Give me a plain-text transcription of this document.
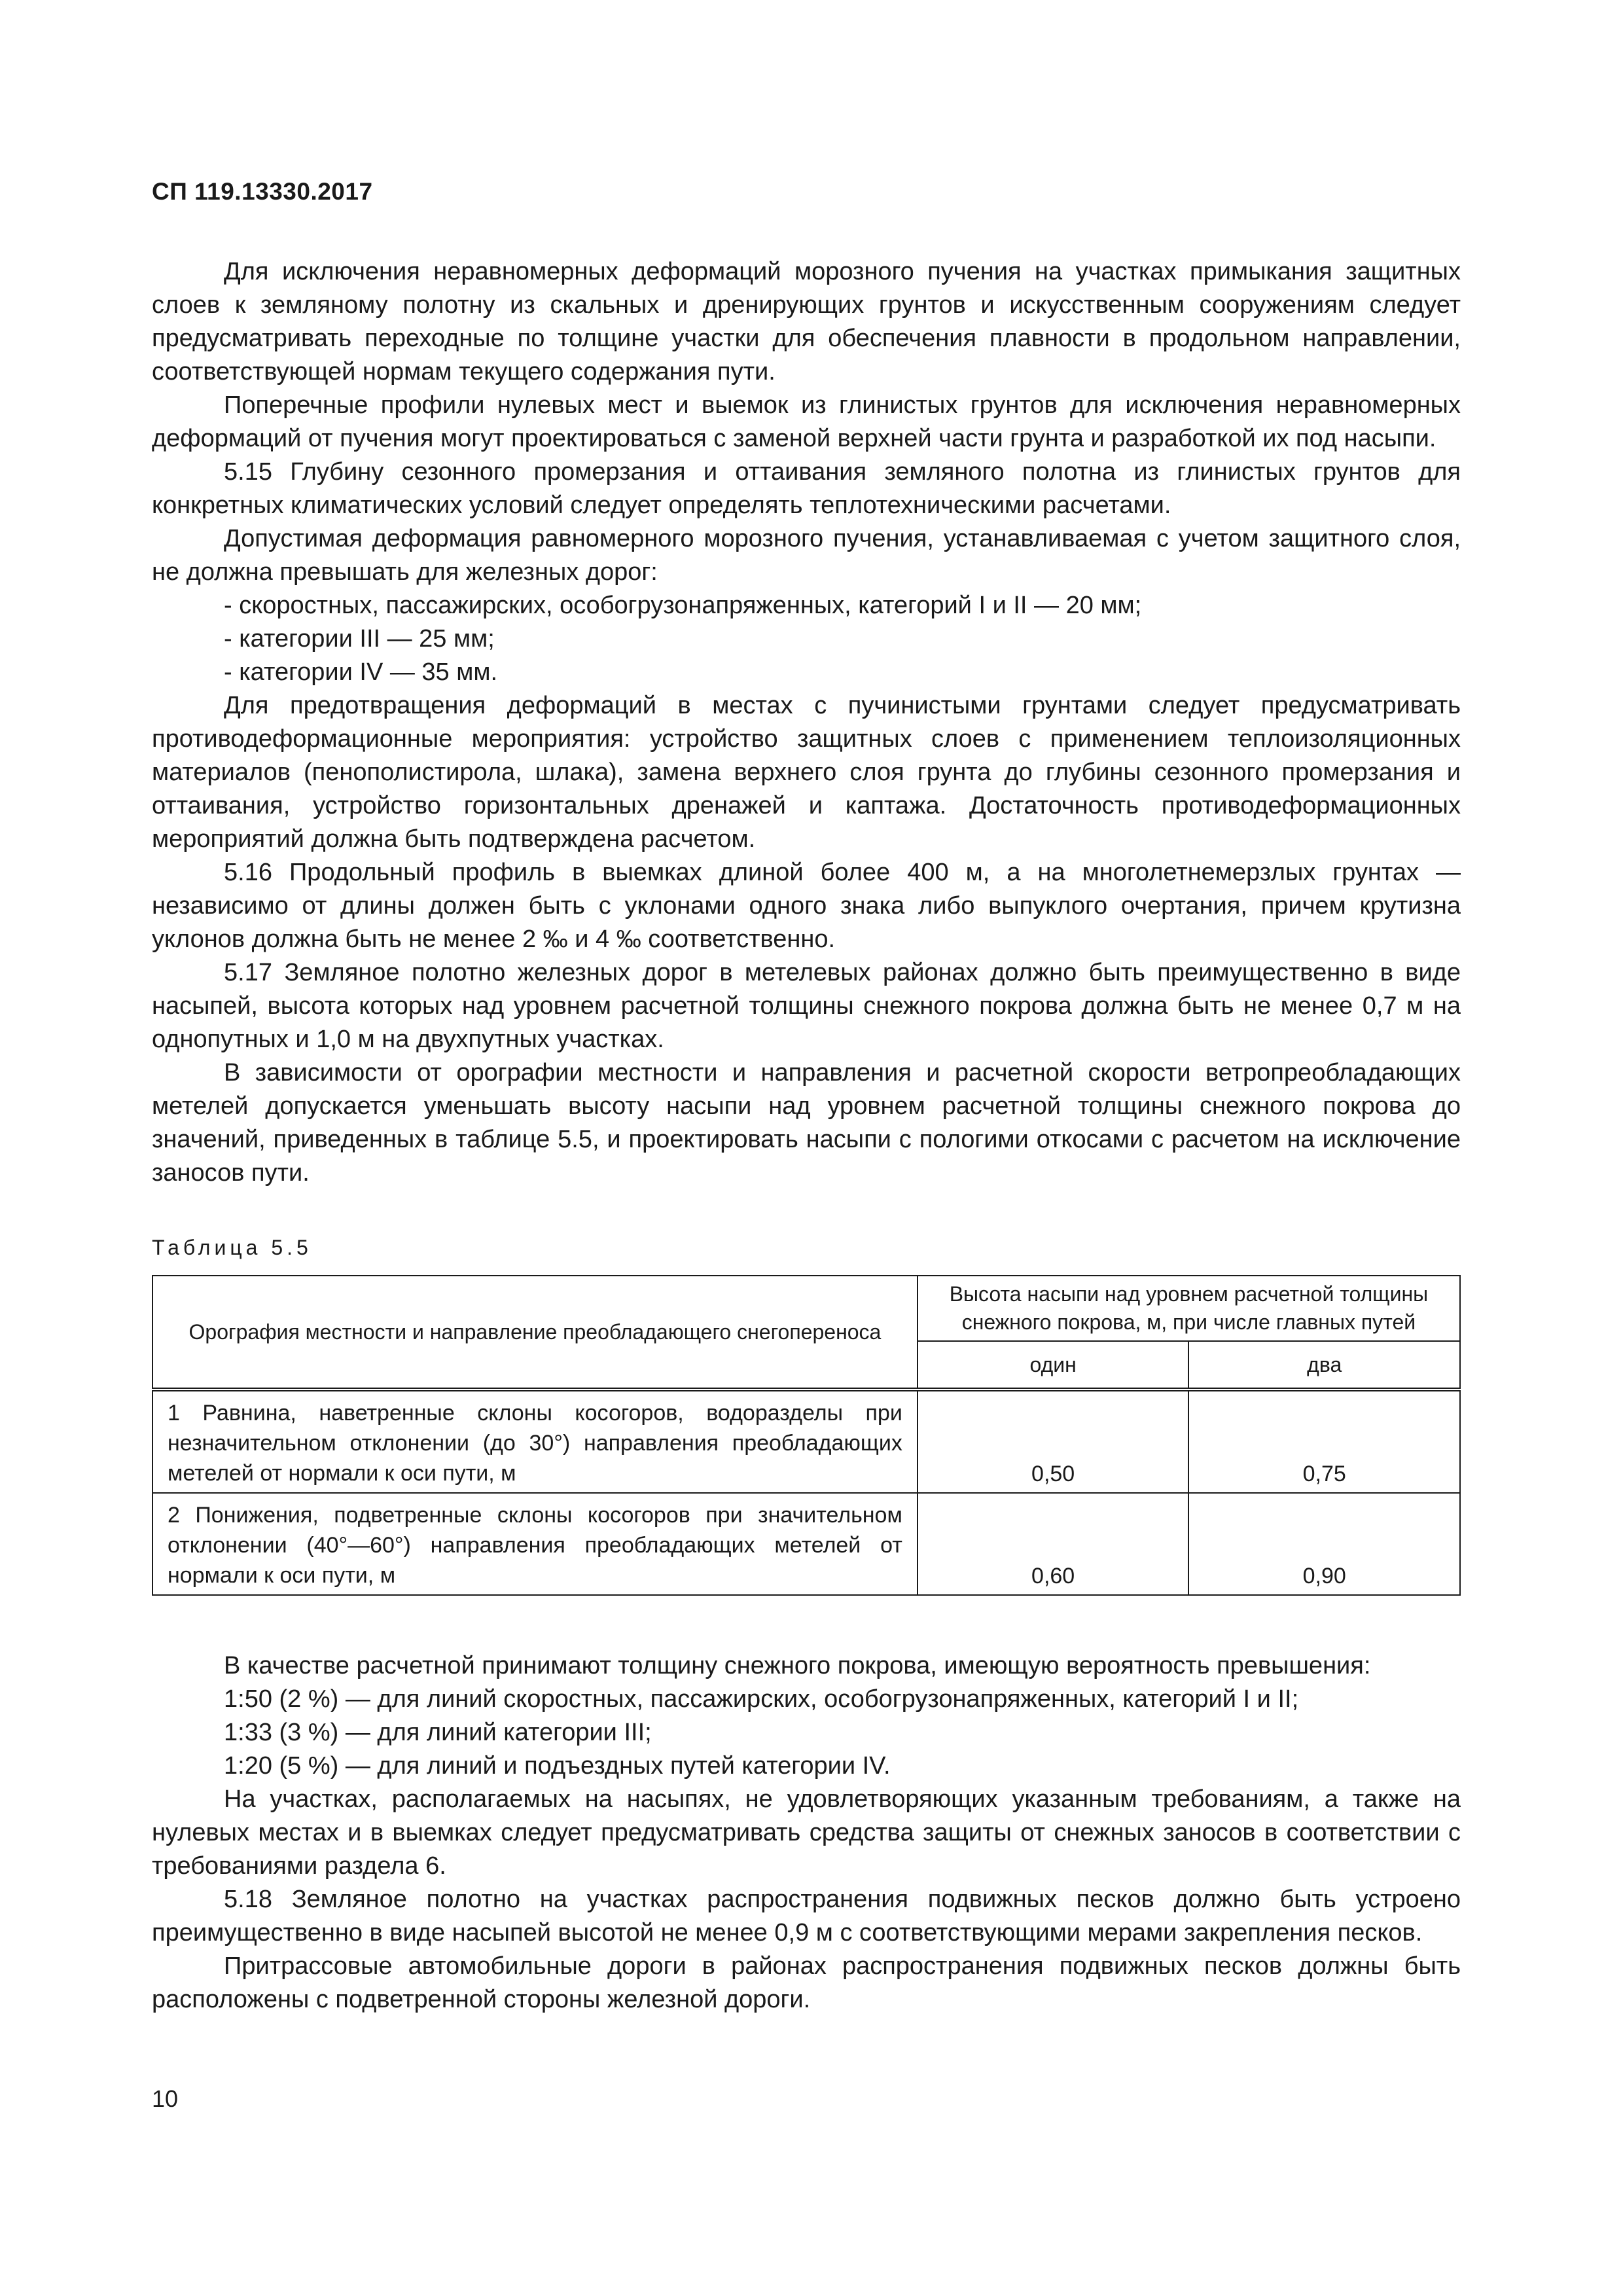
СП 119.13330.2017

Для исключения неравномерных деформаций морозного пучения на участках примыкания защитных слоев к земляному полотну из скальных и дренирующих грунтов и искусственным сооружениям следует предусматривать переходные по толщине участки для обеспечения плавности в продольном направлении, соответствующей нормам текущего содержания пути.

Поперечные профили нулевых мест и выемок из глинистых грунтов для исключения неравномерных деформаций от пучения могут проектироваться с заменой верхней части грунта и разработкой их под насыпи.

5.15 Глубину сезонного промерзания и оттаивания земляного полотна из глинистых грунтов для конкретных климатических условий следует определять теплотехническими расчетами.

Допустимая деформация равномерного морозного пучения, устанавливаемая с учетом защитного слоя, не должна превышать для железных дорог:

- скоростных, пассажирских, особогрузонапряженных, категорий I и II — 20 мм;

- категории III — 25 мм;

- категории IV — 35 мм.

Для предотвращения деформаций в местах с пучинистыми грунтами следует предусматривать противодеформационные мероприятия: устройство защитных слоев с применением теплоизоляционных материалов (пенополистирола, шлака), замена верхнего слоя грунта до глубины сезонного промерзания и оттаивания, устройство горизонтальных дренажей и каптажа. Достаточность противодеформационных мероприятий должна быть подтверждена расчетом.

5.16 Продольный профиль в выемках длиной более 400 м, а на многолетнемерзлых грунтах — независимо от длины должен быть с уклонами одного знака либо выпуклого очертания, причем крутизна уклонов должна быть не менее 2 ‰ и 4 ‰ соответственно.

5.17 Земляное полотно железных дорог в метелевых районах должно быть преимущественно в виде насыпей, высота которых над уровнем расчетной толщины снежного покрова должна быть не менее 0,7 м на однопутных и 1,0 м на двухпутных участках.

В зависимости от орографии местности и направления и расчетной скорости ветропреобладающих метелей допускается уменьшать высоту насыпи над уровнем расчетной толщины снежного покрова до значений, приведенных в таблице 5.5, и проектировать насыпи с пологими откосами с расчетом на исключение заносов пути.

Таблица 5.5
Орография местности и направление преобладающего снегопереноса	Высота насыпи над уровнем расчетной толщины снежного покрова, м, при числе главных путей	
	один	два
1 Равнина, наветренные склоны косогоров, водоразделы при незначительном отклонении (до 30°) направления преобладающих метелей от нормали к оси пути, м	0,50	0,75
2 Понижения, подветренные склоны косогоров при значительном отклонении (40°—60°) направления преобладающих метелей от нормали к оси пути, м	0,60	0,90

В качестве расчетной принимают толщину снежного покрова, имеющую вероятность превышения:

1:50 (2 %) — для линий скоростных, пассажирских, особогрузонапряженных, категорий I и II;

1:33 (3 %) — для линий категории III;

1:20 (5 %) — для линий и подъездных путей категории IV.

На участках, располагаемых на насыпях, не удовлетворяющих указанным требованиям, а также на нулевых местах и в выемках следует предусматривать средства защиты от снежных заносов в соответствии с требованиями раздела 6.

5.18 Земляное полотно на участках распространения подвижных песков должно быть устроено преимущественно в виде насыпей высотой не менее 0,9 м с соответствующими мерами закрепления песков.

Притрассовые автомобильные дороги в районах распространения подвижных песков должны быть расположены с подветренной стороны железной дороги.

10
